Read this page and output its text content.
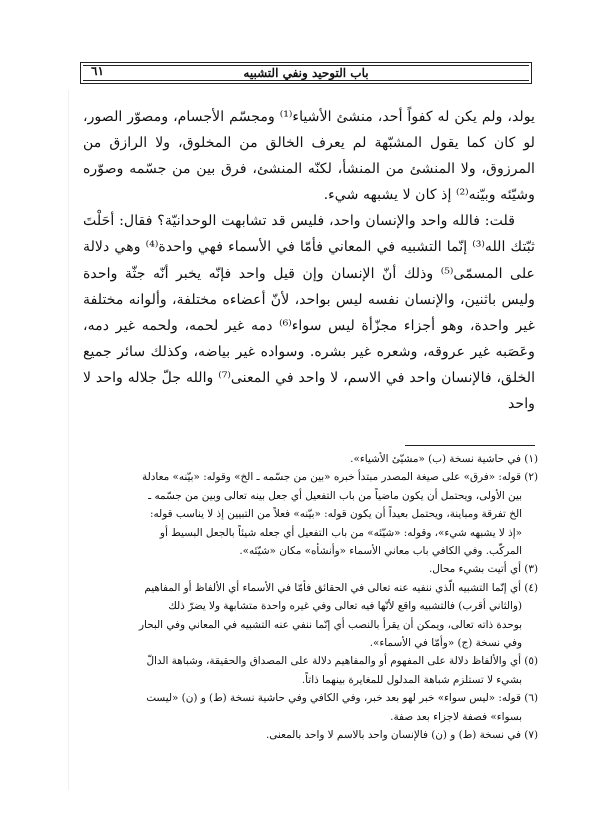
باب التوحيد ونفي التشبيه
٦١

يولد، ولم يكن له كفواً أحد، منشئ الأشياء⁽¹⁾ ومجسّم الأجسام، ومصوّر الصور، لو كان كما يقول المشبّهة لم يعرف الخالق من المخلوق، ولا الرازق من المرزوق، ولا المنشئ من المنشأ، لكنّه المنشئ، فرق بين من جسّمه وصوّره وشيّئه وبيّنه⁽²⁾ إذ كان لا يشبهه شيء.

قلت: فالله واحد والإنسان واحد، فليس قد تشابهت الوحدانيّة؟ فقال: أحَلْتَ ثبّتك الله⁽³⁾ إنّما التشبيه في المعاني فأمّا في الأسماء فهي واحدة⁽⁴⁾ وهي دلالة على المسمّى⁽⁵⁾ وذلك أنّ الإنسان وإن قيل واحد فإنّه يخبر أنّه جثّة واحدة وليس باثنين، والإنسان نفسه ليس بواحد، لأنّ أعضاءه مختلفة، وألوانه مختلفة غير واحدة، وهو أجزاء مجزّأة ليس سواء⁽⁶⁾ دمه غير لحمه، ولحمه غير دمه، وعَصَبه غير عروقه، وشعره غير بشره. وسواده غير بياضه، وكذلك سائر جميع الخلق، فالإنسان واحد في الاسم، لا واحد في المعنى⁽⁷⁾ والله جلّ جلاله واحد لا واحد

(١) في حاشية نسخة (ب) «مشيّئ الأشياء».

(٢) قوله: «فرق» على صيغة المصدر مبتدأ خبره «بين من جسّمه ـ الخ» وقوله: «بيّنه» معادلة

بين الأولى، ويحتمل أن يكون ماضياً من باب التفعيل أي جعل بينه تعالى وبين من جسّمه ـ

الخ تفرقة ومباينة، ويحتمل بعيداً أن يكون قوله: «بيّنه» فعلاً من التبيين إذ لا يناسب قوله:

«إذ لا يشبهه شيء»، وقوله: «شيّئه» من باب التفعيل أي جعله شيئاً بالجعل البسيط أو

المركّب. وفي الكافي باب معاني الأسماء «وأنشأه» مكان «شيّئه».

(٣) أي أتيت بشيء محال.

(٤) أي إنّما التشبيه الّذي ننفيه عنه تعالى في الحقائق فأمّا في الأسماء أي الألفاظ أو المفاهيم

(والثاني أقرب) فالتشبيه واقع لأنّها فيه تعالى وفي غيره واحدة متشابهة ولا يضرّ ذلك

بوحدة ذاته تعالى، ويمكن أن يقرأ بالنصب أي إنّما ننفي عنه التشبيه في المعاني وفي البحار

وفي نسخة (ج) «وأمّا في الأسماء».

(٥) أي والألفاظ دلالة على المفهوم أو والمفاهيم دلالة على المصداق والحقيقة، وشباهة الدالّ

بشيء لا تستلزم شباهة المدلول للمغايرة بينهما ذاتاً.

(٦) قوله: «ليس سواء» خبر لهو بعد خبر، وفي الكافي وفي حاشية نسخة (ط) و (ن) «ليست

بسواء» فصفة لاجزاء بعد صفة.

(٧) في نسخة (ط) و (ن) فالإنسان واحد بالاسم لا واحد بالمعنى.
